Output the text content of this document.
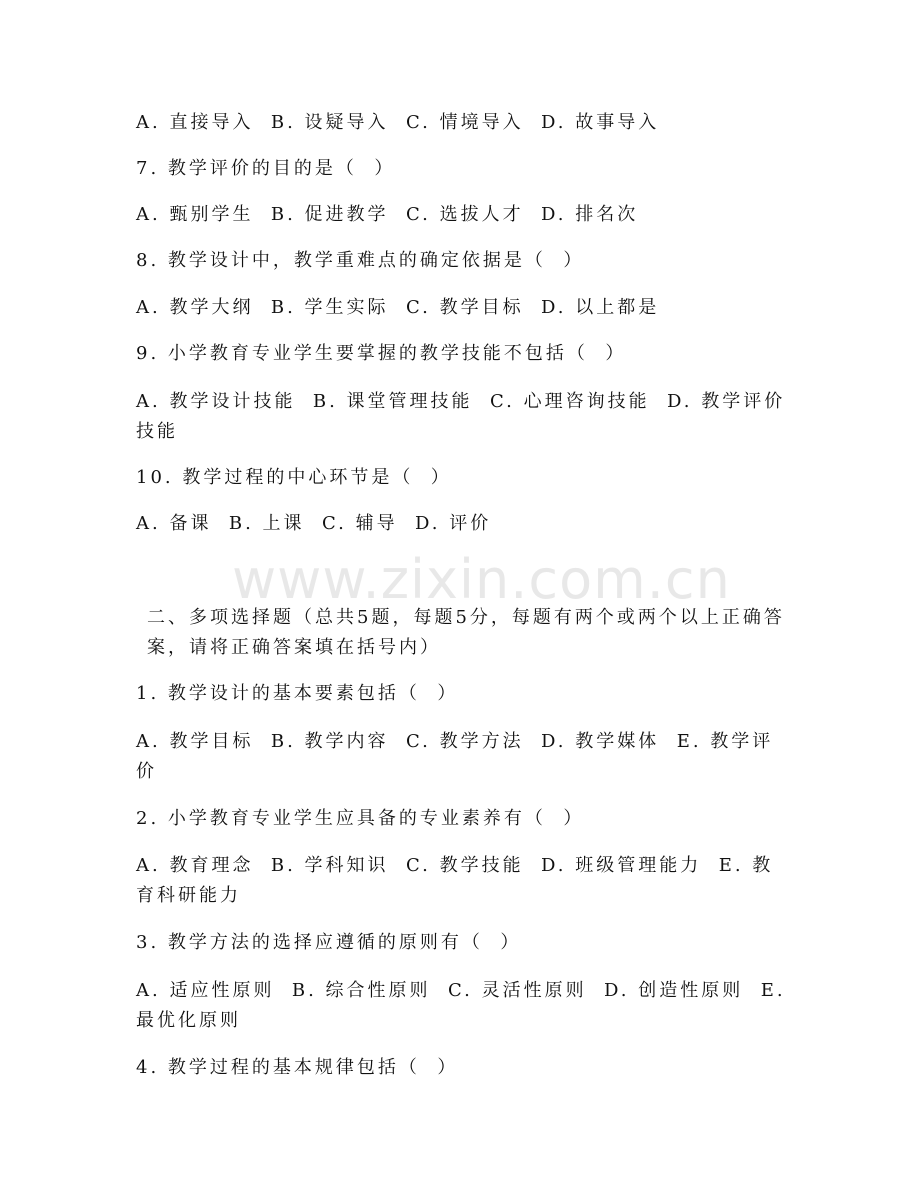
A. 直接导入  B. 设疑导入  C. 情境导入  D. 故事导入
7. 教学评价的目的是（  ）
A. 甄别学生  B. 促进教学  C. 选拔人才  D. 排名次
8. 教学设计中，教学重难点的确定依据是（  ）
A. 教学大纲  B. 学生实际  C. 教学目标  D. 以上都是
9. 小学教育专业学生要掌握的教学技能不包括（  ）
A. 教学设计技能  B. 课堂管理技能  C. 心理咨询技能  D. 教学评价技能
10. 教学过程的中心环节是（  ）
A. 备课  B. 上课  C. 辅导  D. 评价
www.zixin.com.cn
二、多项选择题（总共5题，每题5分，每题有两个或两个以上正确答案，请将正确答案填在括号内）
1. 教学设计的基本要素包括（  ）
A. 教学目标  B. 教学内容  C. 教学方法  D. 教学媒体  E. 教学评价
2. 小学教育专业学生应具备的专业素养有（  ）
A. 教育理念  B. 学科知识  C. 教学技能  D. 班级管理能力  E. 教育科研能力
3. 教学方法的选择应遵循的原则有（  ）
A. 适应性原则  B. 综合性原则  C. 灵活性原则  D. 创造性原则  E. 最优化原则
4. 教学过程的基本规律包括（  ）
